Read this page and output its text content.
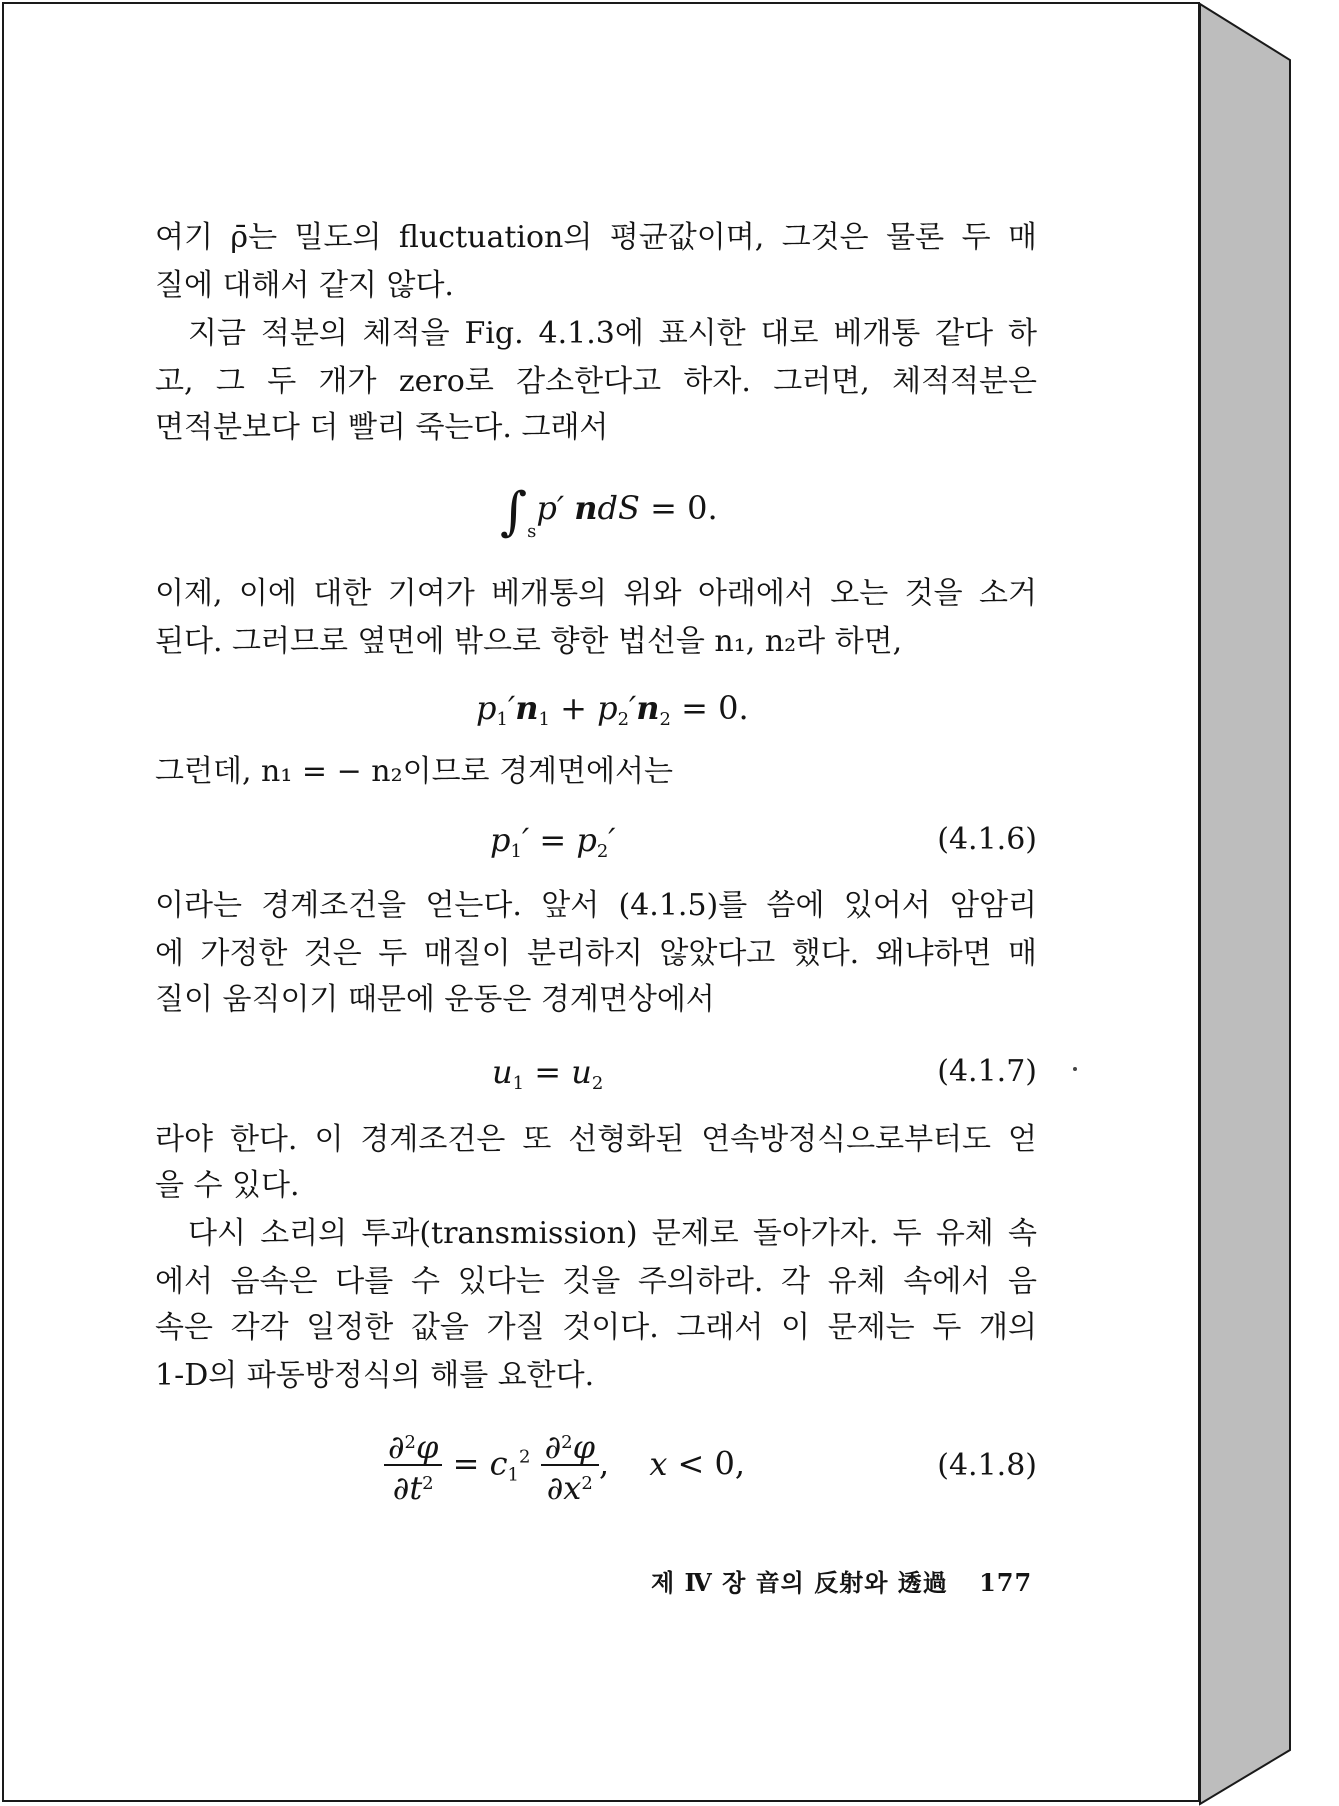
여기 ρ̄는 밀도의 fluctuation의 평균값이며, 그것은 물론 두 매
질에 대해서 같지 않다.
지금 적분의 체적을 Fig. 4.1.3에 표시한 대로 베개통 같다 하
고, 그 두 개가 zero로 감소한다고 하자. 그러면, 체적적분은
면적분보다 더 빨리 죽는다. 그래서
$\int_sp'$ ndS = 0.
이제, 이에 대한 기여가 베개통의 위와 아래에서 오는 것을 소거
된다. 그러므로 옆면에 밖으로 향한 법선을 n₁, n₂라 하면,
$p_1'n_1 + p_2'n_2 = 0$.
그런데, n₁ = − n₂이므로 경계면에서는
$p_1' = p_2'$	(4.1.6)
이라는 경계조건을 얻는다. 앞서 (4.1.5)를 씀에 있어서 암암리
에 가정한 것은 두 매질이 분리하지 않았다고 했다. 왜냐하면 매
질이 움직이기 때문에 운동은 경계면상에서
$u_1 = u_2$	(4.1.7)
라야 한다. 이 경계조건은 또 선형화된 연속방정식으로부터도 얻
을 수 있다.
다시 소리의 투과(transmission) 문제로 돌아가자. 두 유체 속
에서 음속은 다를 수 있다는 것을 주의하라. 각 유체 속에서 음
속은 각각 일정한 값을 가질 것이다. 그래서 이 문제는 두 개의
1-D의 파동방정식의 해를 요한다.
$\frac{\partial^2\varphi}{\partial t^2} = c_1^2 \frac{\partial^2\varphi}{\partial x^2}$ , x < 0,	(4.1.8)
제 Ⅳ 장 音의 反射와 透過 177
